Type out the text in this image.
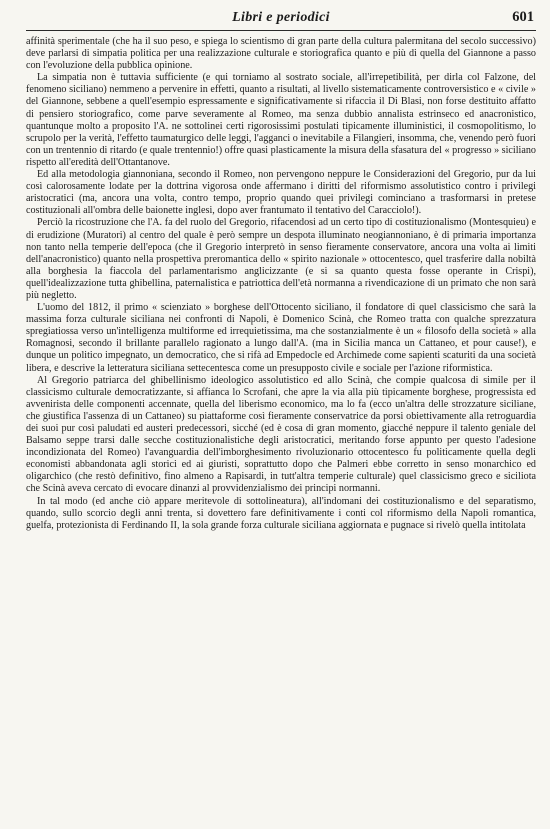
Libri e periodici	601

affinità sperimentale (che ha il suo peso, e spiega lo scientismo di gran parte della cultura palermitana del secolo successivo) deve parlarsi di simpatia politica per una realizzazione culturale e storiografica quanto e più di quella del Giannone a passo con l'evoluzione della pubblica opinione.

La simpatia non è tuttavia sufficiente (e qui torniamo al sostrato sociale, all'irrepetibilità, per dirla col Falzone, del fenomeno siciliano) nemmeno a pervenire in effetti, quanto a risultati, al livello sistematicamente controversistico e « civile » del Giannone, sebbene a quell'esempio espressamente e significativamente si rifaccia il Di Blasi, non forse destituito affatto di pensiero storiografico, come parve severamente al Romeo, ma senza dubbio annalista estrinseco ed anacronistico, quantunque molto a proposito l'A. ne sottolinei certi rigorosissimi postulati tipicamente illuministici, il cosmopolitismo, lo scrupolo per la verità, l'effetto taumaturgico delle leggi, l'agganci o inevitabile a Filangieri, insomma, che, venendo però fuori con un trentennio di ritardo (e quale trentennio!) offre quasi plasticamente la misura della sfasatura del « progresso » siciliano rispetto all'eredità dell'Ottantanove.

Ed alla metodologia giannoniana, secondo il Romeo, non pervengono neppure le Considerazioni del Gregorio, pur da lui così calorosamente lodate per la dottrina vigorosa onde affermano i diritti del riformismo assolutistico contro i privilegi aristocratici (ma, ancora una volta, contro tempo, proprio quando quei privilegi cominciano a trasformarsi in pretese costituzionali all'ombra delle baionette inglesi, dopo aver frantumato il tentativo del Caracciolo!).

Perciò la ricostruzione che l'A. fa del ruolo del Gregorio, rifacendosi ad un certo tipo di costituzionalismo (Montesquieu) e di erudizione (Muratori) al centro del quale è però sempre un despota illuminato neogiannoniano, è di primaria importanza non tanto nella temperie dell'epoca (che il Gregorio interpretò in senso fieramente conservatore, ancora una volta ai limiti dell'anacronistico) quanto nella prospettiva preromantica dello « spirito nazionale » ottocentesco, quel trasferire dalla nobiltà alla borghesia la fiaccola del parlamentarismo anglicizzante (e si sa quanto questa fosse operante in Crispi), quell'idealizzazione tutta ghibellina, paternalistica e patriottica dell'età normanna a rivendicazione di un primato che non sarà più negletto.

L'uomo del 1812, il primo « scienziato » borghese dell'Ottocento siciliano, il fondatore di quel classicismo che sarà la massima forza culturale siciliana nei confronti di Napoli, è Domenico Scinà, che Romeo tratta con qualche sprezzatura spregiatiossa verso un'intelligenza multiforme ed irrequietissima, ma che sostanzialmente è un « filosofo della società » alla Romagnosi, secondo il brillante parallelo ragionato a lungo dall'A. (ma in Sicilia manca un Cattaneo, et pour cause!), e dunque un politico impegnato, un democratico, che si rifà ad Empedocle ed Archimede come sapienti scaturiti da una società libera, e descrive la letteratura siciliana settecentesca come un presupposto civile e sociale per l'azione riformistica.

Al Gregorio patriarca del ghibellinismo ideologico assolutistico ed allo Scinà, che compie qualcosa di simile per il classicismo culturale democratizzante, si affianca lo Scrofani, che apre la via alla più tipicamente borghese, progressista ed avvenirista delle componenti accennate, quella del liberismo economico, ma lo fa (ecco un'altra delle strozzature siciliane, che giustifica l'assenza di un Cattaneo) su piattaforme così fieramente conservatrice da porsi obiettivamente alla retroguardia dei suoi pur così paludati ed austeri predecessori, sicché (ed è cosa di gran momento, giacché neppure il talento geniale del Balsamo seppe trarsi dalle secche costituzionalistiche degli aristocratici, meritando forse appunto per questo l'adesione incondizionata del Romeo) l'avanguardia dell'imborghesimento rivoluzionario ottocentesco fu politicamente quella degli economisti abbandonata agli storici ed ai giuristi, soprattutto dopo che Palmeri ebbe corretto in senso monarchico ed oligarchico (che restò definitivo, fino almeno a Rapisardi, in tutt'altra temperie culturale) quel classicismo greco e siciliota che Scinà aveva cercato di evocare dinanzi al provvidenzialismo dei principi normanni.

In tal modo (ed anche ciò appare meritevole di sottolineatura), all'indomani dei costituzionalismo e del separatismo, quando, sullo scorcio degli anni trenta, si dovettero fare definitivamente i conti col riformismo della Napoli romantica, guelfa, protezionista di Ferdinando II, la sola grande forza culturale siciliana aggiornata e pugnace si rivelò quella intitolata
